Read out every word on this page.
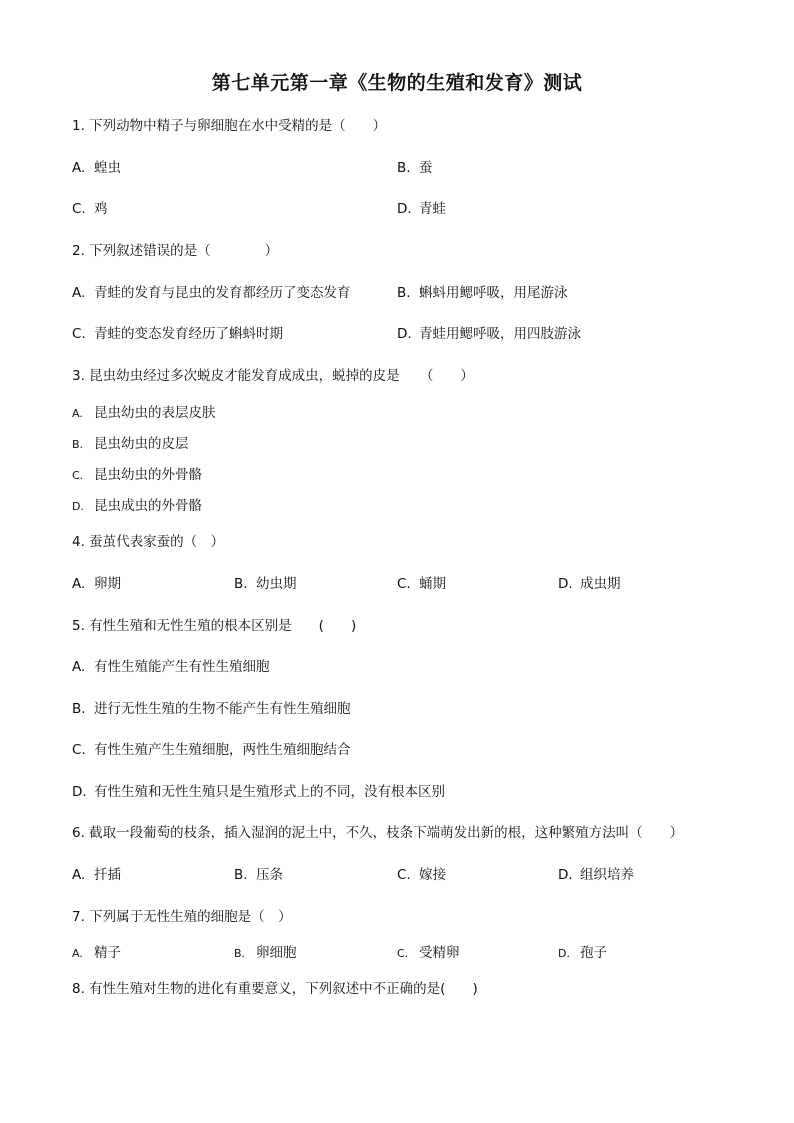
第七单元第一章《生物的生殖和发育》测试
1. 下列动物中精子与卵细胞在水中受精的是（　　）
A. 蝗虫	B. 蚕
C. 鸡	D. 青蛙
2. 下列叙述错误的是（　　　　）
A. 青蛙的发育与昆虫的发育都经历了变态发育	B. 蝌蚪用鳃呼吸，用尾游泳
C. 青蛙的变态发育经历了蝌蚪时期	D. 青蛙用鳃呼吸，用四肢游泳
3. 昆虫幼虫经过多次蜕皮才能发育成成虫，蜕掉的皮是　　（　　）
A. 昆虫幼虫的表层皮肤
B. 昆虫幼虫的皮层
C. 昆虫幼虫的外骨骼
D. 昆虫成虫的外骨骼
4. 蚕茧代表家蚕的（　）
A. 卵期	B. 幼虫期	C. 蛹期	D. 成虫期
5. 有性生殖和无性生殖的根本区别是　　(　　)
A. 有性生殖能产生有性生殖细胞
B. 进行无性生殖的生物不能产生有性生殖细胞
C. 有性生殖产生生殖细胞，两性生殖细胞结合
D. 有性生殖和无性生殖只是生殖形式上的不同，没有根本区别
6. 截取一段葡萄的枝条，插入湿润的泥土中，不久，枝条下端萌发出新的根，这种繁殖方法叫（　　）
A. 扦插	B. 压条	C. 嫁接	D. 组织培养
7. 下列属于无性生殖的细胞是（　）
A. 精子	B. 卵细胞	C. 受精卵	D. 孢子
8. 有性生殖对生物的进化有重要意义，下列叙述中不正确的是(　　)
